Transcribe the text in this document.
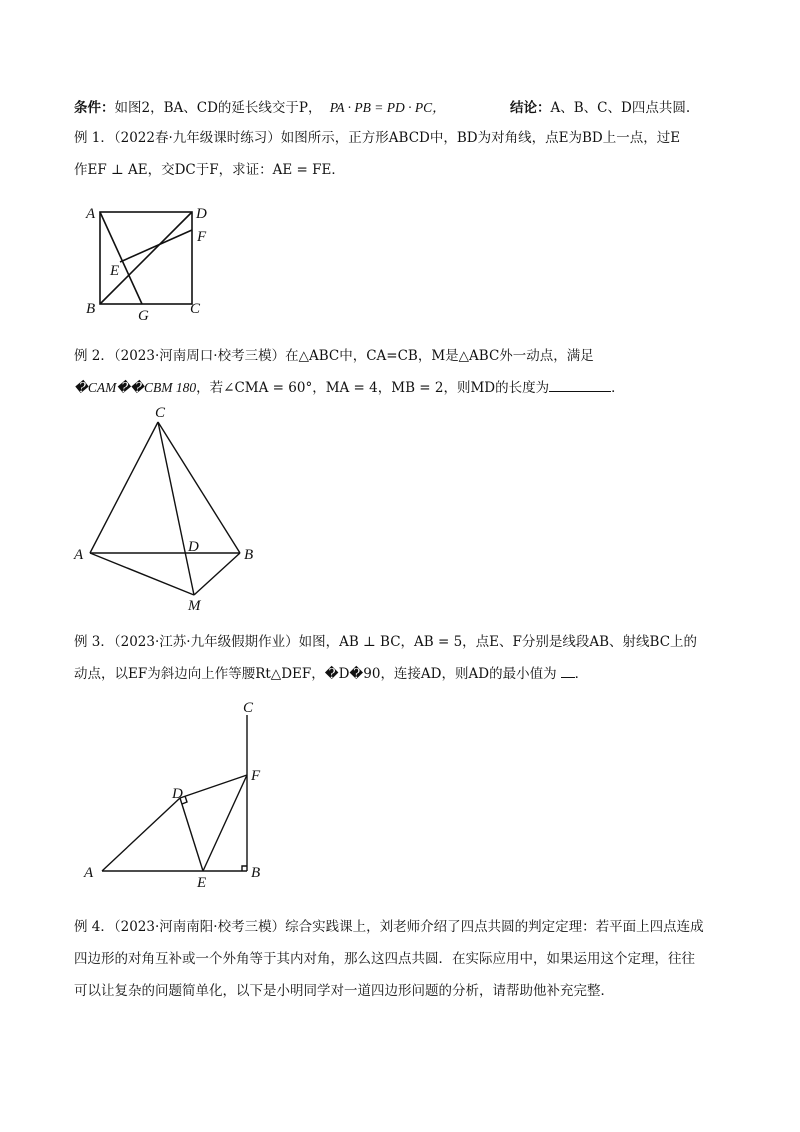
条件：如图2，BA、CD的延长线交于P， PA · PB = PD · PC，	结论：A、B、C、D四点共圆.
例 1．（2022春·九年级课时练习）如图所示，正方形ABCD中，BD为对角线，点E为BD上一点，过E
作EF ⊥ AE，交DC于F，求证：AE = FE．
A	D
F
E
B	G	C
例 2．（2023·河南周口·校考三模）在△ABC中，CA=CB，M是△ABC外一动点，满足
�CAM��CBM 180，若∠CMA = 60°，MA = 4，MB = 2，则MD的长度为	．
C
D
A	B
M
例 3．（2023·江苏·九年级假期作业）如图，AB ⊥ BC，AB = 5，点E、F分别是线段AB、射线BC上的
动点，以EF为斜边向上作等腰Rt△DEF，�D�90，连接AD，则AD的最小值为 ．
C
F
D
A
E
B
例 4．（2023·河南南阳·校考三模）综合实践课上，刘老师介绍了四点共圆的判定定理：若平面上四点连成
四边形的对角互补或一个外角等于其内对角，那么这四点共圆．在实际应用中，如果运用这个定理，往往
可以让复杂的问题简单化，以下是小明同学对一道四边形问题的分析，请帮助他补充完整．
